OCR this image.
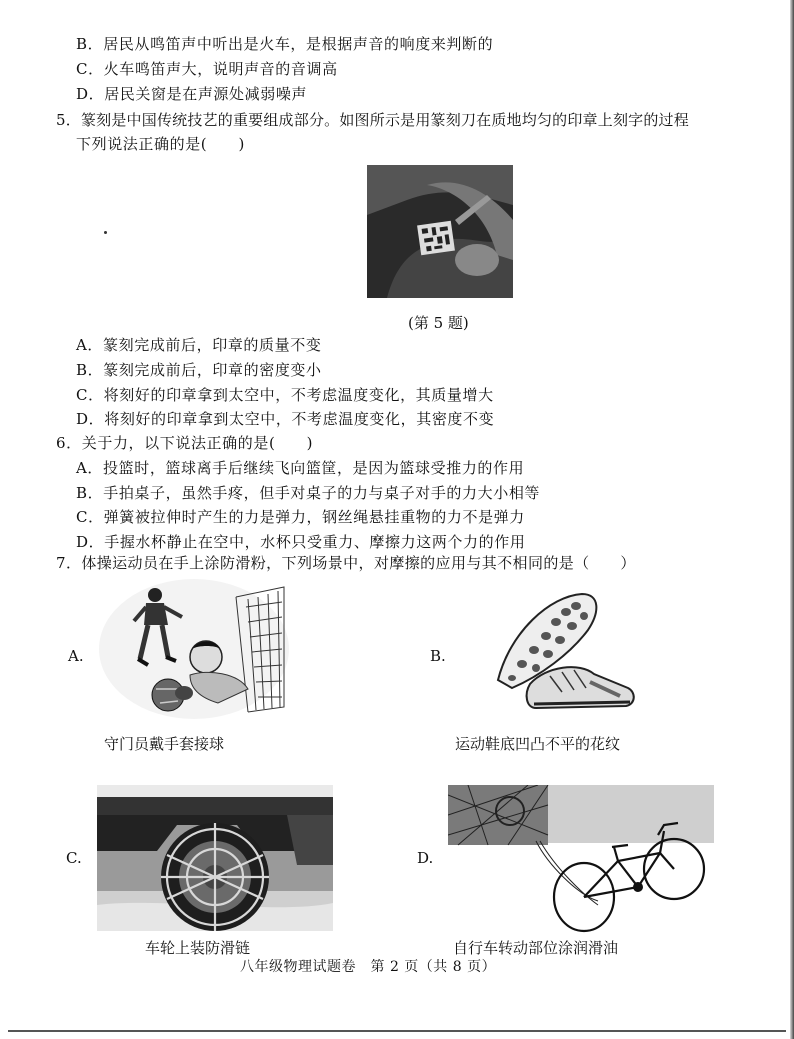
B．居民从鸣笛声中听出是火车，是根据声音的响度来判断的
C．火车鸣笛声大，说明声音的音调高
D．居民关窗是在声源处减弱噪声
5．篆刻是中国传统技艺的重要组成部分。如图所示是用篆刻刀在质地均匀的印章上刻字的过程
下列说法正确的是(　　)
(第 5 题)
A．篆刻完成前后，印章的质量不变
B．篆刻完成前后，印章的密度变小
C．将刻好的印章拿到太空中，不考虑温度变化，其质量增大
D．将刻好的印章拿到太空中，不考虑温度变化，其密度不变
6．关于力，以下说法正确的是(　　)
A．投篮时，篮球离手后继续飞向篮筐，是因为篮球受推力的作用
B．手拍桌子，虽然手疼，但手对桌子的力与桌子对手的力大小相等
C．弹簧被拉伸时产生的力是弹力，钢丝绳悬挂重物的力不是弹力
D．手握水杯静止在空中，水杯只受重力、摩擦力这两个力的作用
7．体操运动员在手上涂防滑粉，下列场景中，对摩擦的应用与其不相同的是（　　）
A.
守门员戴手套接球
B.
运动鞋底凹凸不平的花纹
C.
车轮上装防滑链
D.
自行车转动部位涂润滑油
八年级物理试题卷　第 2 页（共 8 页）
